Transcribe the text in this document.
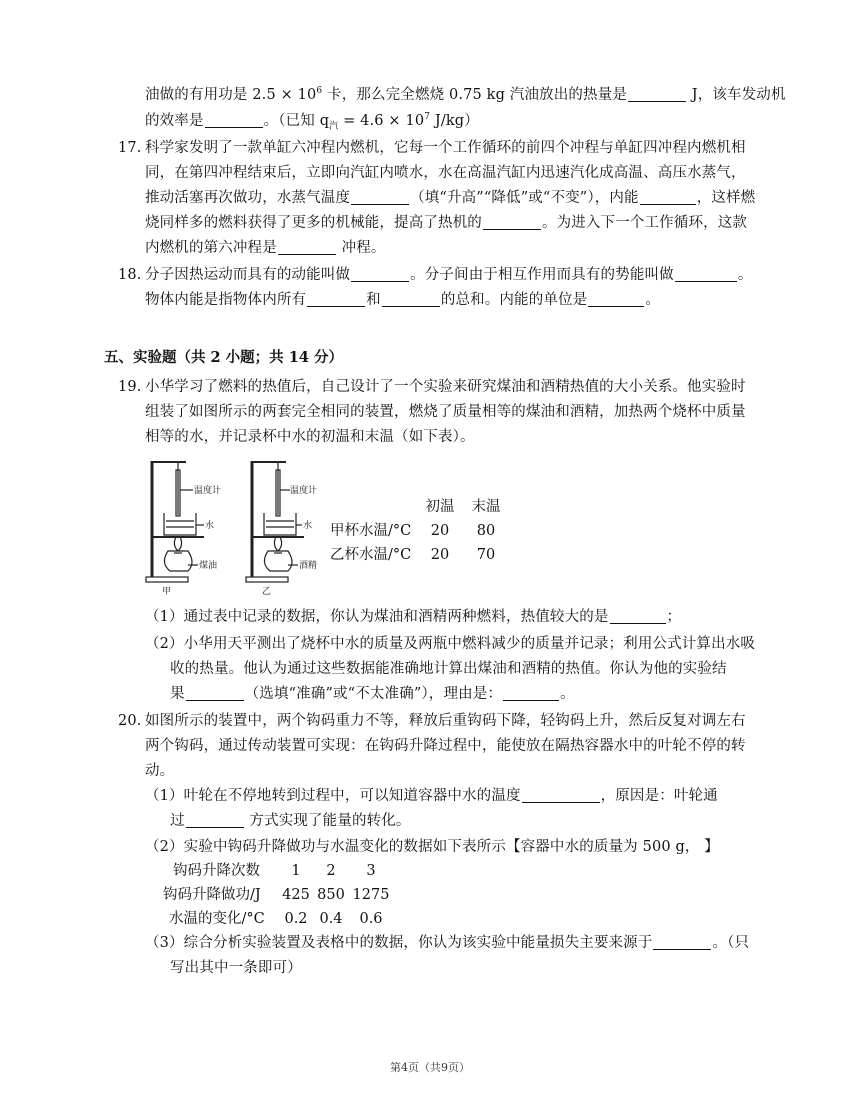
油做的有用功是 $2.5 \times 10^6$ 卡，那么完全燃烧 0.75 kg 汽油放出的热量是	J，该车发动机
的效率是	。（已知 $q_汽 = 4.6 \times 10^7$ J/kg）
17. 科学家发明了一款单缸六冲程内燃机，它每一个工作循环的前四个冲程与单缸四冲程内燃机相
同，在第四冲程结束后，立即向汽缸内喷水，水在高温汽缸内迅速汽化成高温、高压水蒸气，
推动活塞再次做功，水蒸气温度	（填“升高”“降低”或“不变”），内能	，这样燃
烧同样多的燃料获得了更多的机械能，提高了热机的	。为进入下一个工作循环，这款
内燃机的第六冲程是	冲程。
18. 分子因热运动而具有的动能叫做	。分子间由于相互作用而具有的势能叫做	。
物体内能是指物体内所有	和	的总和。内能的单位是	。
五、实验题（共 2 小题；共 14 分）
19. 小华学习了燃料的热值后，自己设计了一个实验来研究煤油和酒精热值的大小关系。他实验时
组装了如图所示的两套完全相同的装置，燃烧了质量相等的煤油和酒精，加热两个烧杯中质量
相等的水，并记录杯中水的初温和末温（如下表）。
温度计
水
煤油
甲
温度计
水
酒精
乙
初温 末温
甲杯水温/°C	20	80
乙杯水温/°C	20	70
（1）通过表中记录的数据，你认为煤油和酒精两种燃料，热值较大的是	；
（2）小华用天平测出了烧杯中水的质量及两瓶中燃料减少的质量并记录；利用公式计算出水吸
收的热量。他认为通过这些数据能准确地计算出煤油和酒精的热值。你认为他的实验结
果	（选填“准确”或“不太准确”），理由是：	。
20. 如图所示的装置中，两个钩码重力不等，释放后重钩码下降，轻钩码上升，然后反复对调左右
两个钩码，通过传动装置可实现：在钩码升降过程中，能使放在隔热容器水中的叶轮不停的转
动。
（1）叶轮在不停地转到过程中，可以知道容器中水的温度	，原因是：叶轮通
过	方式实现了能量的转化。
（2）实验中钩码升降做功与水温变化的数据如下表所示【容器中水的质量为 500 g， 】
钩码升降次数	1	2	3
钩码升降做功/J 425 850 1275
水温的变化/°C 0.2 0.4	0.6
（3）综合分析实验装置及表格中的数据，你认为该实验中能量损失主要来源于	。（只
写出其中一条即可）
第4页（共9页）
